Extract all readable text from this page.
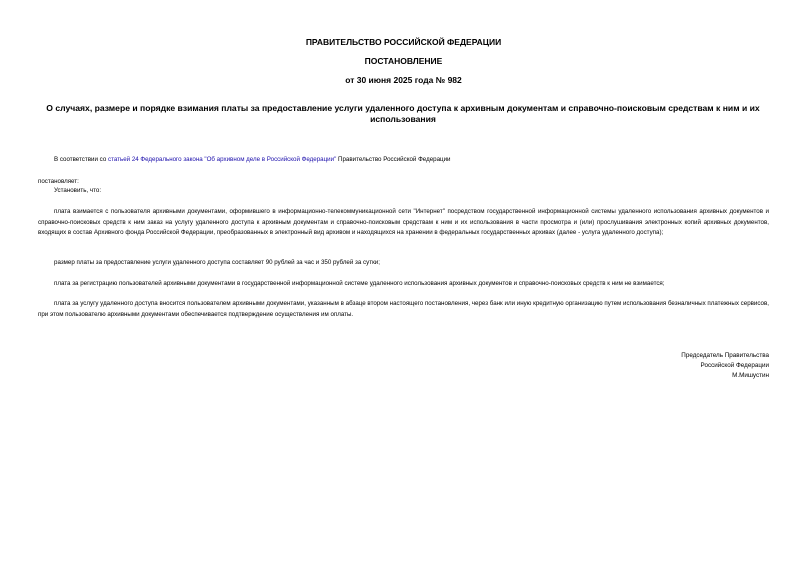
ПРАВИТЕЛЬСТВО РОССИЙСКОЙ ФЕДЕРАЦИИ
ПОСТАНОВЛЕНИЕ
от 30 июня 2025 года № 982
О случаях, размере и порядке взимания платы за предоставление услуги удаленного доступа к архивным документам и справочно-поисковым средствам к ним и их использования
В соответствии со статьей 24 Федерального закона "Об архивном деле в Российской Федерации" Правительство Российской Федерации
постановляет:
Установить, что:
плата взимается с пользователя архивными документами, оформившего в информационно-телекоммуникационной сети "Интернет" посредством государственной информационной системы удаленного использования архивных документов и справочно-поисковых средств к ним заказ на услугу удаленного доступа к архивным документам и справочно-поисковым средствам к ним и их использования в части просмотра и (или) прослушивания электронных копий архивных документов, входящих в состав Архивного фонда Российской Федерации, преобразованных в электронный вид архивом и находящихся на хранении в федеральных государственных архивах (далее - услуга удаленного доступа);
размер платы за предоставление услуги удаленного доступа составляет 90 рублей за час и 350 рублей за сутки;
плата за регистрацию пользователей архивными документами в государственной информационной системе удаленного использования архивных документов и справочно-поисковых средств к ним не взимается;
плата за услугу удаленного доступа вносится пользователем архивными документами, указанным в абзаце втором настоящего постановления, через банк или иную кредитную организацию путем использования безналичных платежных сервисов, при этом пользователю архивными документами обеспечивается подтверждение осуществления им оплаты.
Председатель Правительства
Российской Федерации
М.Мишустин
